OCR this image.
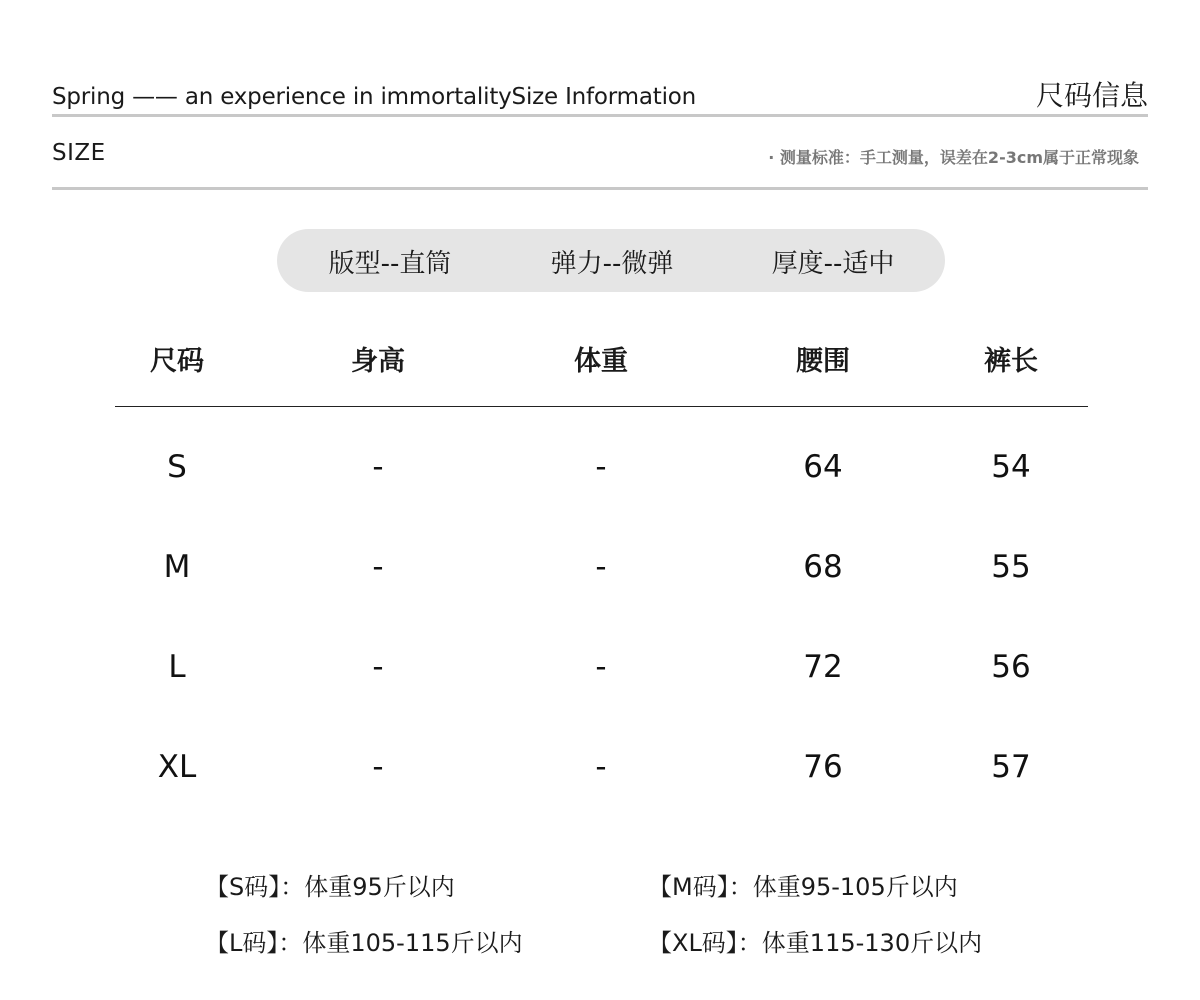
Spring —— an experience in immortalitySize Information	尺码信息
SIZE	· 测量标准：手工测量，误差在2-3cm属于正常现象
版型--直筒	弹力--微弹	厚度--适中
尺码	身高	体重	腰围	裤长
S	-	-	64	54
M	-	-	68	55
L	-	-	72	56
XL	-	-	76	57
【S码】：体重95斤以内	【M码】：体重95-105斤以内
【L码】：体重105-115斤以内	【XL码】：体重115-130斤以内
